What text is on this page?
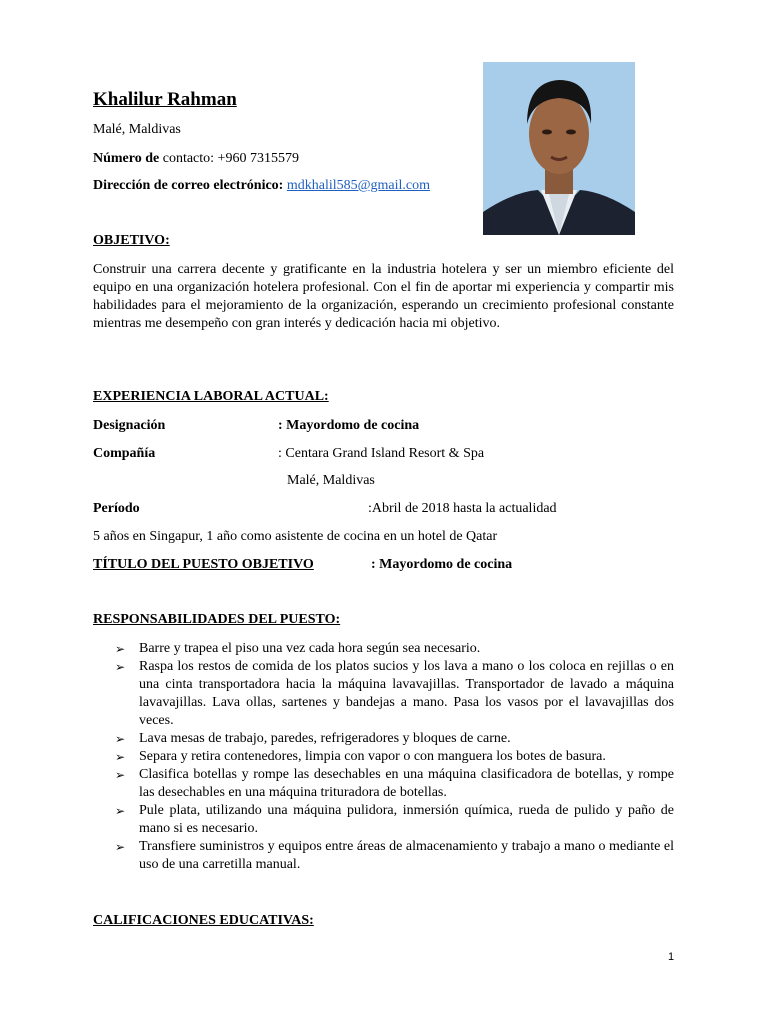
Khalilur Rahman
Malé, Maldivas
Número de contacto: +960 7315579
Dirección de correo electrónico: mdkhalil585@gmail.com
OBJETIVO:
Construir una carrera decente y gratificante en la industria hotelera y ser un miembro eficiente del equipo en una organización hotelera profesional. Con el fin de aportar mi experiencia y compartir mis habilidades para el mejoramiento de la organización, esperando un crecimiento profesional constante mientras me desempeño con gran interés y dedicación hacia mi objetivo.
EXPERIENCIA LABORAL ACTUAL:
Designación	: Mayordomo de cocina
Compañía	: Centara Grand Island Resort & Spa
Malé, Maldivas
Período	:Abril de 2018 hasta la actualidad
5 años en Singapur, 1 año como asistente de cocina en un hotel de Qatar
TÍTULO DEL PUESTO OBJETIVO	: Mayordomo de cocina
RESPONSABILIDADES DEL PUESTO:
➢ Barre y trapea el piso una vez cada hora según sea necesario.
➢ Raspa los restos de comida de los platos sucios y los lava a mano o los coloca en rejillas o en una cinta transportadora hacia la máquina lavavajillas. Transportador de lavado a máquina lavavajillas. Lava ollas, sartenes y bandejas a mano. Pasa los vasos por el lavavajillas dos veces.
➢ Lava mesas de trabajo, paredes, refrigeradores y bloques de carne.
➢ Separa y retira contenedores, limpia con vapor o con manguera los botes de basura.
➢ Clasifica botellas y rompe las desechables en una máquina clasificadora de botellas, y rompe las desechables en una máquina trituradora de botellas.
➢ Pule plata, utilizando una máquina pulidora, inmersión química, rueda de pulido y paño de mano si es necesario.
➢ Transfiere suministros y equipos entre áreas de almacenamiento y trabajo a mano o mediante el uso de una carretilla manual.
CALIFICACIONES EDUCATIVAS:
1
